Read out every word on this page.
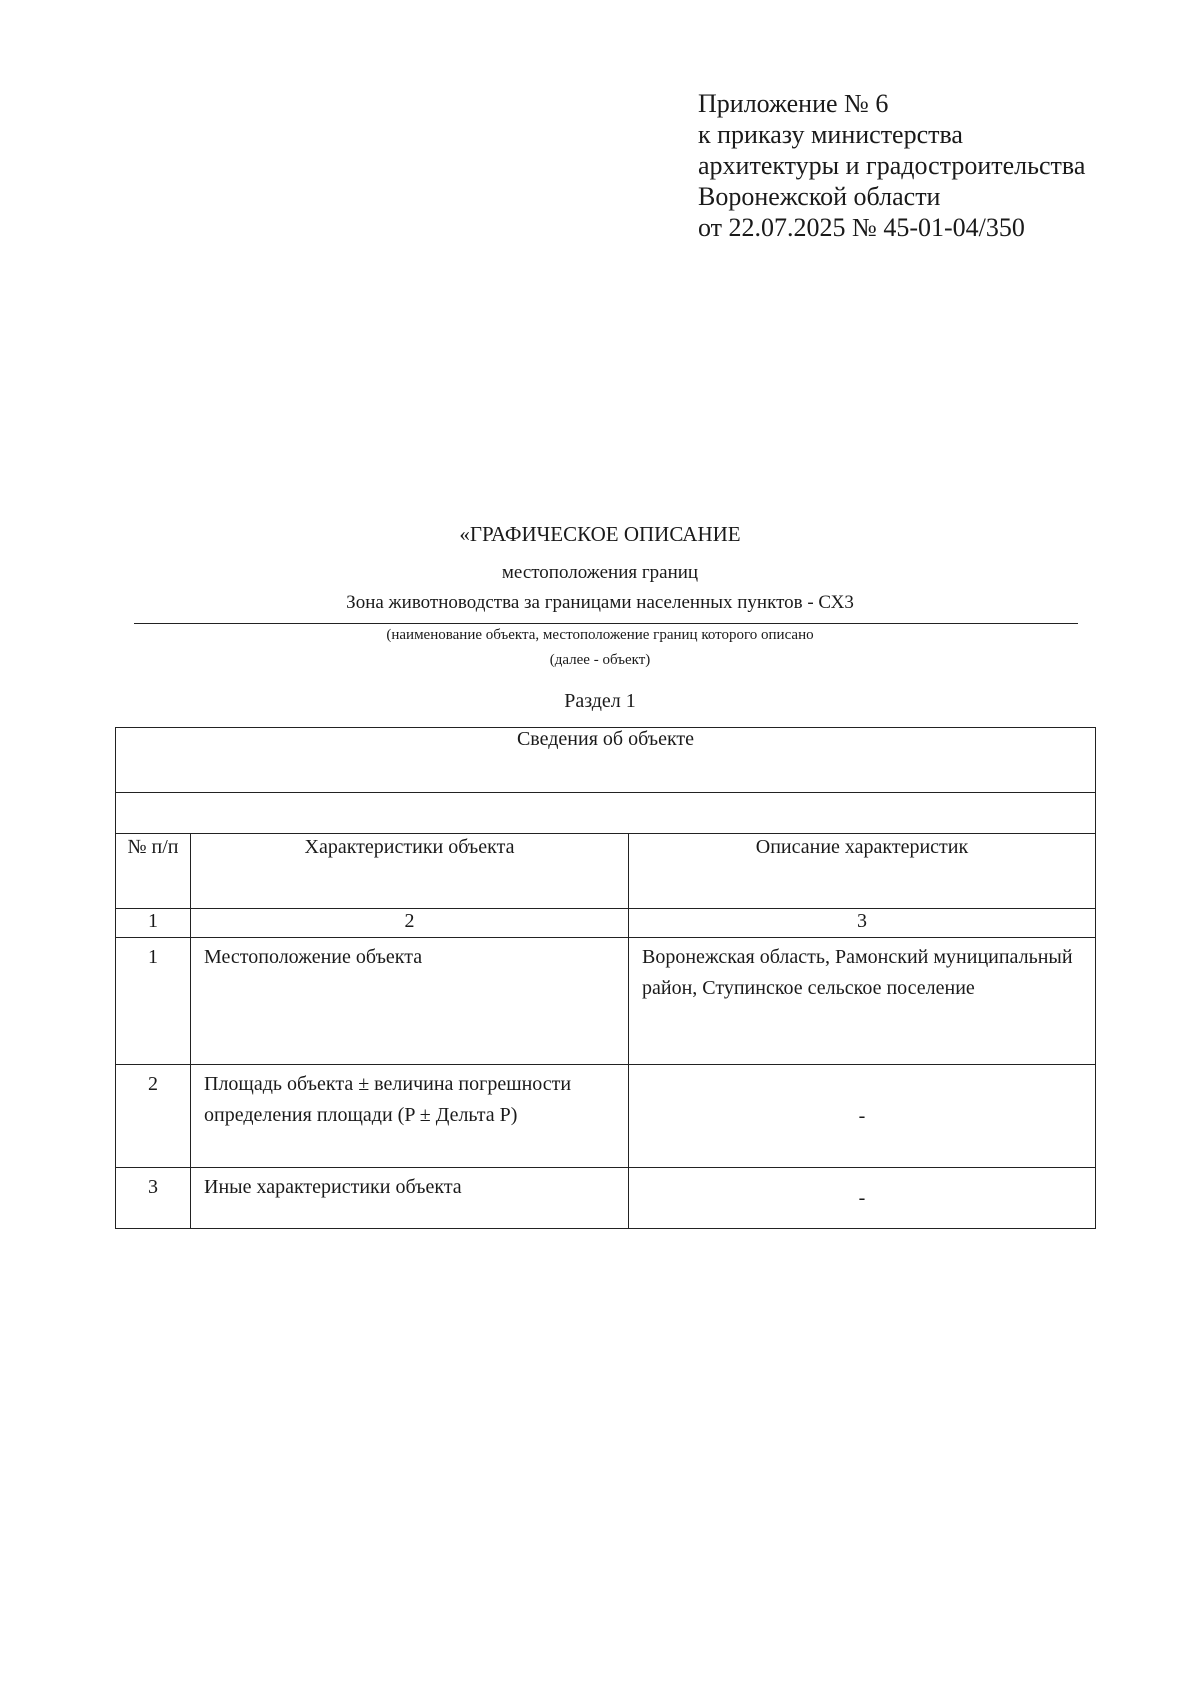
Приложение № 6
к приказу министерства
архитектуры и градостроительства
Воронежской области
от 22.07.2025 № 45-01-04/350
«ГРАФИЧЕСКОЕ ОПИСАНИЕ
местоположения границ
Зона животноводства за границами населенных пунктов - СХ3
(наименование объекта, местоположение границ которого описано
(далее - объект)
Раздел 1
Сведения об объекте		

№ п/п	Характеристики объекта	Описание характеристик
1	2	3
1	Местоположение объекта	Воронежская область, Рамонский муниципальный район, Ступинское сельское поселение
2	Площадь объекта ± величина погрешности определения площади (P ± Дельта P)	-
3	Иные характеристики объекта	-
